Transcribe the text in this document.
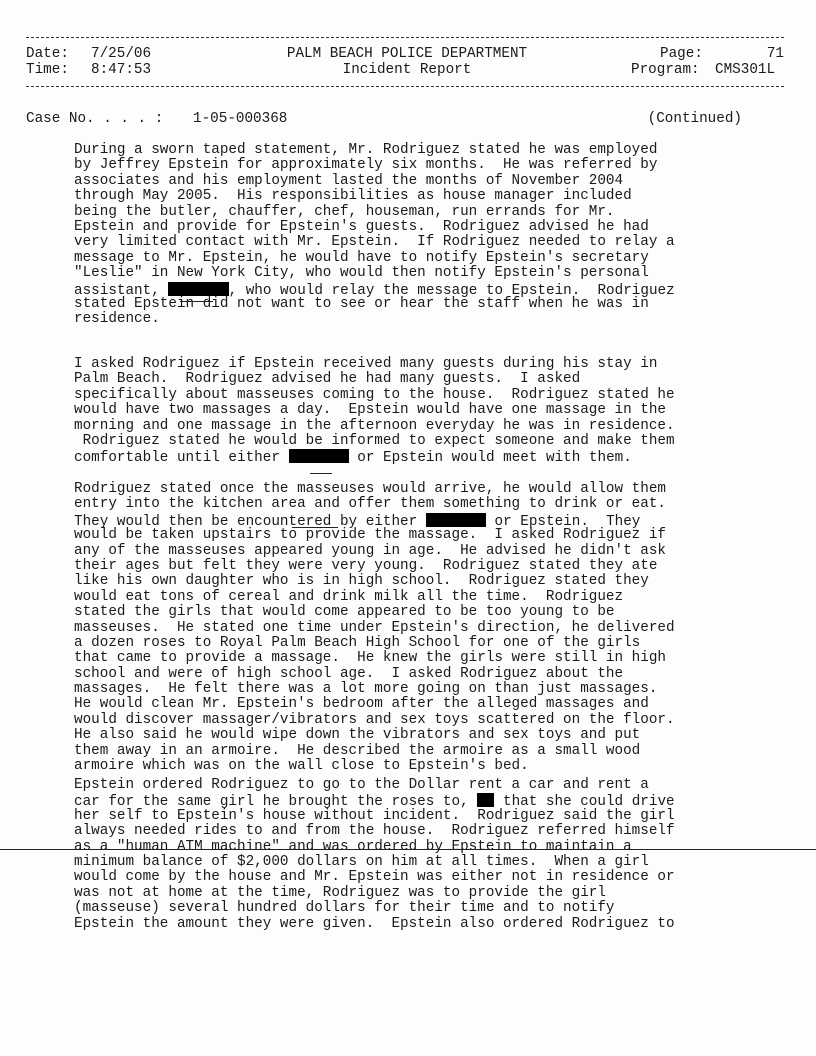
Date: 7/25/06
Time: 8:47:53
PALM BEACH POLICE DEPARTMENT
Incident Report
Page:	71
Program: CMS301L
Case No. . . . : 1-05-000368	(Continued)
During a sworn taped statement, Mr. Rodriguez stated he was employed
by Jeffrey Epstein for approximately six months.  He was referred by
associates and his employment lasted the months of November 2004
through May 2005.  His responsibilities as house manager included
being the butler, chauffer, chef, houseman, run errands for Mr.
Epstein and provide for Epstein's guests.  Rodriguez advised he had
very limited contact with Mr. Epstein.  If Rodriguez needed to relay a
message to Mr. Epstein, he would have to notify Epstein's secretary
"Leslie" in New York City, who would then notify Epstein's personal
assistant,	, who would relay the message to Epstein.  Rodriguez
stated Epstein did not want to see or hear the staff when he was in
residence.
I asked Rodriguez if Epstein received many guests during his stay in
Palm Beach.  Rodriguez advised he had many guests.  I asked
specifically about masseuses coming to the house.  Rodriguez stated he
would have two massages a day.  Epstein would have one massage in the
morning and one massage in the afternoon everyday he was in residence.
Rodriguez stated he would be informed to expect someone and make them
comfortable until either	or Epstein would meet with them.
Rodriguez stated once the masseuses would arrive, he would allow them
entry into the kitchen area and offer them something to drink or eat.
They would then be encountered by either	or Epstein.  They
would be taken upstairs to provide the massage.  I asked Rodriguez if
any of the masseuses appeared young in age.  He advised he didn't ask
their ages but felt they were very young.  Rodriguez stated they ate
like his own daughter who is in high school.  Rodriguez stated they
would eat tons of cereal and drink milk all the time.  Rodriguez
stated the girls that would come appeared to be too young to be
masseuses.  He stated one time under Epstein's direction, he delivered
a dozen roses to Royal Palm Beach High School for one of the girls
that came to provide a massage.  He knew the girls were still in high
school and were of high school age.  I asked Rodriguez about the
massages.  He felt there was a lot more going on than just massages.
He would clean Mr. Epstein's bedroom after the alleged massages and
would discover massager/vibrators and sex toys scattered on the floor.
He also said he would wipe down the vibrators and sex toys and put
them away in an armoire.  He described the armoire as a small wood
armoire which was on the wall close to Epstein's bed.
Epstein ordered Rodriguez to go to the Dollar rent a car and rent a
car for the same girl he brought the roses to,  that she could drive
her self to Epstein's house without incident.  Rodriguez said the girl
always needed rides to and from the house.  Rodriguez referred himself
as a "human ATM machine" and was ordered by Epstein to maintain a
minimum balance of $2,000 dollars on him at all times.  When a girl
would come by the house and Mr. Epstein was either not in residence or
was not at home at the time, Rodriguez was to provide the girl
(masseuse) several hundred dollars for their time and to notify
Epstein the amount they were given.  Epstein also ordered Rodriguez to
